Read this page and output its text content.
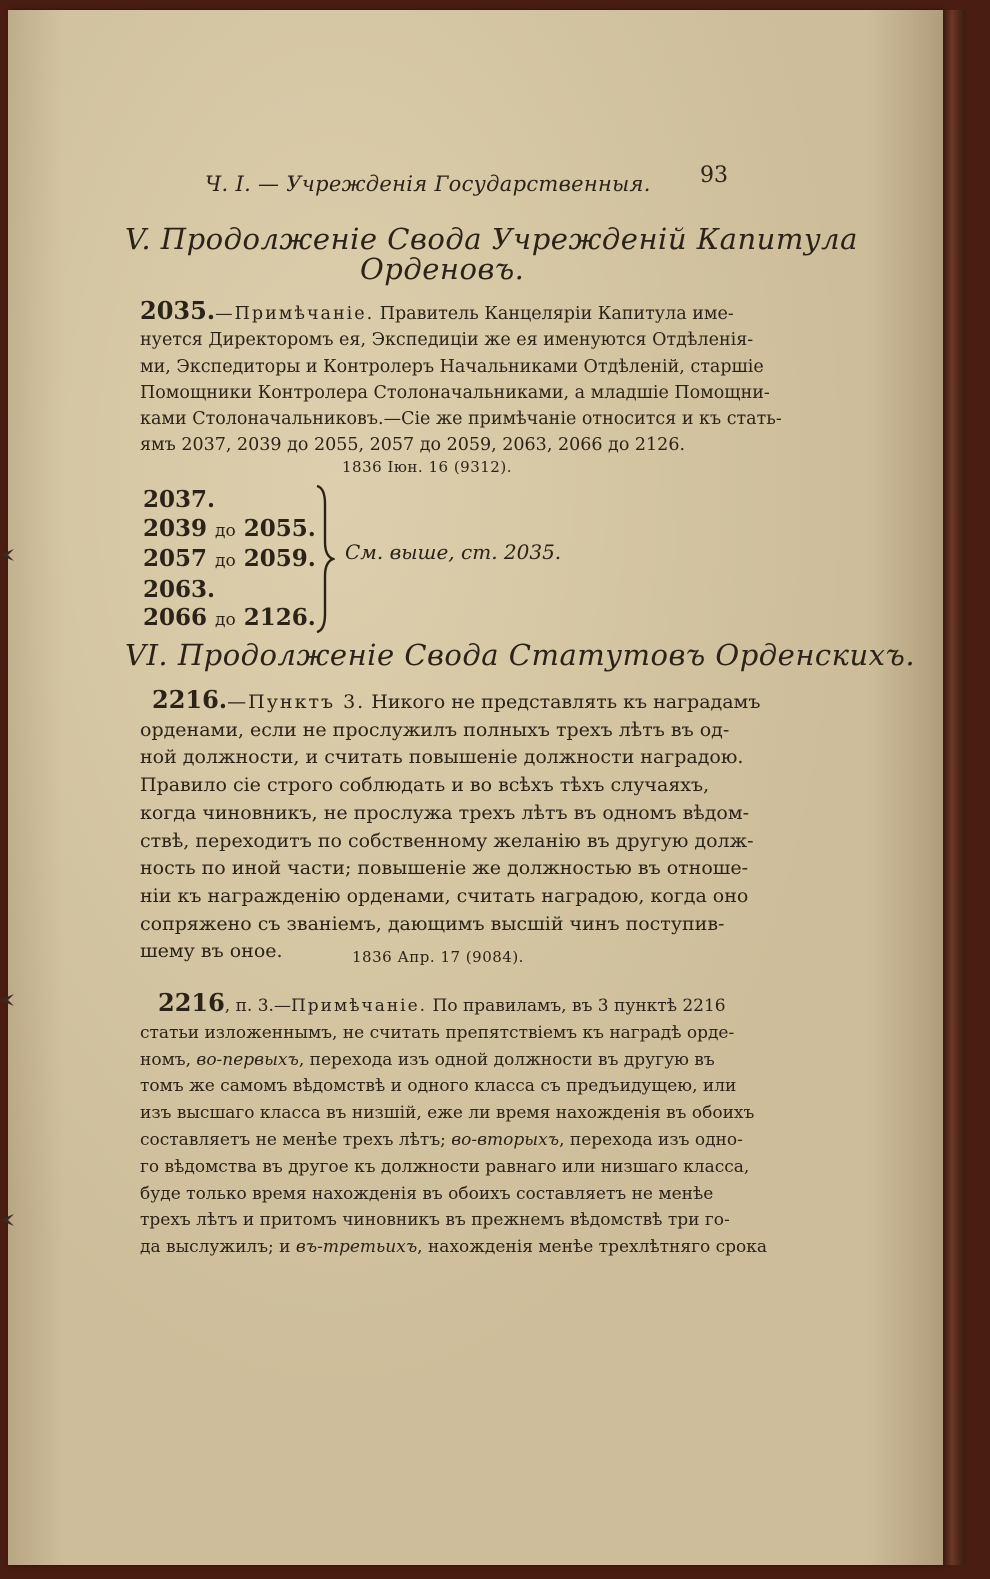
Ч. I. — Учрежденія Государственныя. 93
V. Продолженіе Свода Учрежденій Капитула
Орденовъ.
2035.—Примѣчаніе. Правитель Канцеляріи Капитула име-
нуется Директоромъ ея, Экспедиціи же ея именуются Отдѣленія-
ми, Экспедиторы и Контролеръ Начальниками Отдѣленій, старшіе
Помощники Контролера Столоначальниками, а младшіе Помощни-
ками Столоначальниковъ.—Сіе же примѣчаніе относится и къ стать-
ямъ 2037, 2039 до 2055, 2057 до 2059, 2063, 2066 до 2126.
1836 Іюн. 16 (9312).
2037.
2039 до 2055.
2057 до 2059.
2063.
2066 до 2126.
См. выше, ст. 2035.
VI. Продолженіе Свода Статутовъ Орденскихъ.
2216.—Пунктъ 3. Никого не представлять къ наградамъ
орденами, если не прослужилъ полныхъ трехъ лѣтъ въ од-
ной должности, и считать повышеніе должности наградою.
Правило сіе строго соблюдать и во всѣхъ тѣхъ случаяхъ,
когда чиновникъ, не прослужа трехъ лѣтъ въ одномъ вѣдом-
ствѣ, переходитъ по собственному желанію въ другую долж-
ность по иной части; повышеніе же должностью въ отноше-
ніи къ награжденію орденами, считать наградою, когда оно
сопряжено съ званіемъ, дающимъ высшій чинъ поступив-
шему въ оное.	1836 Апр. 17 (9084).
2216, п. 3.—Примѣчаніе. По правиламъ, въ 3 пунктѣ 2216
статьи изложеннымъ, не считать препятствіемъ къ наградѣ орде-
номъ, во-первыхъ, перехода изъ одной должности въ другую въ
томъ же самомъ вѣдомствѣ и одного класса съ предъидущею, или
изъ высшаго класса въ низшій, еже ли время нахожденія въ обоихъ
составляетъ не менѣе трехъ лѣтъ; во-вторыхъ, перехода изъ одно-
го вѣдомства въ другое къ должности равнаго или низшаго класса,
буде только время нахожденія въ обоихъ составляетъ не менѣе
трехъ лѣтъ и притомъ чиновникъ въ прежнемъ вѣдомствѣ три го-
да выслужилъ; и въ-третьихъ, нахожденія менѣе трехлѣтняго срока
